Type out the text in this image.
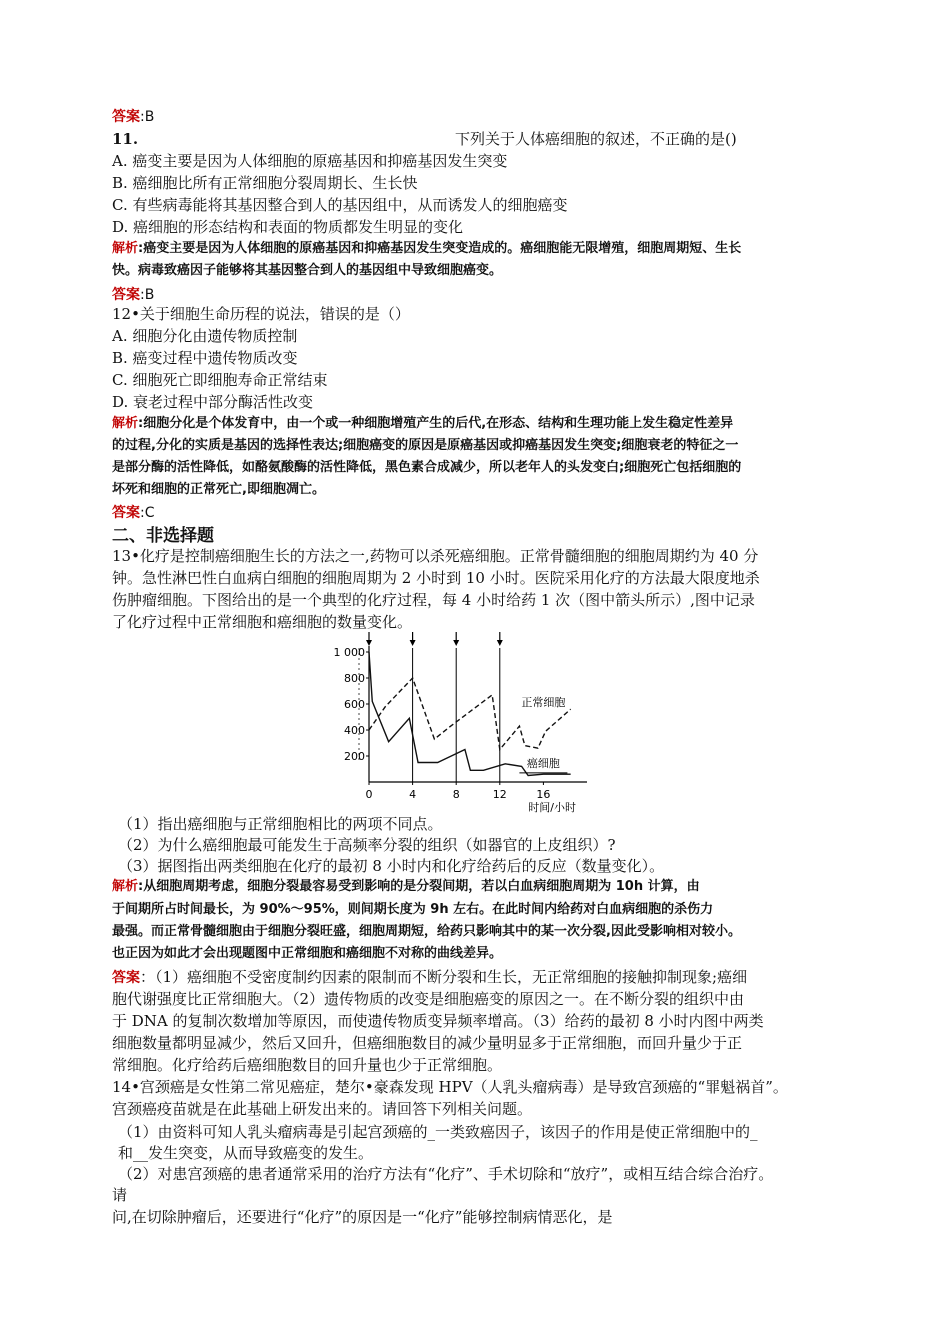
答案:B
11.	下列关于人体癌细胞的叙述，不正确的是()
A. 癌变主要是因为人体细胞的原癌基因和抑癌基因发生突变
B. 癌细胞比所有正常细胞分裂周期长、生长快
C. 有些病毒能将其基因整合到人的基因组中，从而诱发人的细胞癌变
D. 癌细胞的形态结构和表面的物质都发生明显的变化
解析:癌变主要是因为人体细胞的原癌基因和抑癌基因发生突变造成的。癌细胞能无限增殖，细胞周期短、生长
快。病毒致癌因子能够将其基因整合到人的基因组中导致细胞癌变。
答案:B
12•关于细胞生命历程的说法，错误的是（）
A. 细胞分化由遗传物质控制
B. 癌变过程中遗传物质改变
C. 细胞死亡即细胞寿命正常结束
D. 衰老过程中部分酶活性改变
解析:细胞分化是个体发育中，由一个或一种细胞增殖产生的后代,在形态、结构和生理功能上发生稳定性差异
的过程,分化的实质是基因的选择性表达;细胞癌变的原因是原癌基因或抑癌基因发生突变;细胞衰老的特征之一
是部分酶的活性降低，如酪氨酸酶的活性降低，黑色素合成减少，所以老年人的头发变白;细胞死亡包括细胞的
坏死和细胞的正常死亡,即细胞凋亡。
答案:C
二、非选择题
13•化疗是控制癌细胞生长的方法之一,药物可以杀死癌细胞。正常骨髓细胞的细胞周期约为 40 分
钟。急性淋巴性白血病白细胞的细胞周期为 2 小时到 10 小时。医院采用化疗的方法最大限度地杀
伤肿瘤细胞。下图给出的是一个典型的化疗过程，每 4 小时给药 1 次（图中箭头所示）,图中记录
了化疗过程中正常细胞和癌细胞的数量变化。
200
400
600
800
1 000
0	4	8	12	16
正常细胞
癌细胞
时间/小时
（1）指出癌细胞与正常细胞相比的两项不同点。
（2）为什么癌细胞最可能发生于高频率分裂的组织（如器官的上皮组织）?
（3）据图指出两类细胞在化疗的最初 8 小时内和化疗给药后的反应（数量变化）。
解析:从细胞周期考虑，细胞分裂最容易受到影响的是分裂间期，若以白血病细胞周期为 10h 计算，由
于间期所占时间最长，为 90%〜95%，则间期长度为 9h 左右。在此时间内给药对白血病细胞的杀伤力
最强。而正常骨髓细胞由于细胞分裂旺盛，细胞周期短，给药只影响其中的某一次分裂,因此受影响相对较小。
也正因为如此才会出现题图中正常细胞和癌细胞不对称的曲线差异。
答案：（1）癌细胞不受密度制约因素的限制而不断分裂和生长，无正常细胞的接触抑制现象;癌细
胞代谢强度比正常细胞大。（2）遗传物质的改变是细胞癌变的原因之一。在不断分裂的组织中由
于 DNA 的复制次数增加等原因，而使遗传物质变异频率增高。（3）给药的最初 8 小时内图中两类
细胞数量都明显减少，然后又回升，但癌细胞数目的减少量明显多于正常细胞，而回升量少于正
常细胞。化疗给药后癌细胞数目的回升量也少于正常细胞。
14•宫颈癌是女性第二常见癌症，楚尔•豪森发现 HPV（人乳头瘤病毒）是导致宫颈癌的“罪魁祸首”。
宫颈癌疫苗就是在此基础上研发出来的。请回答下列相关问题。
（1）由资料可知人乳头瘤病毒是引起宫颈癌的_一类致癌因子，该因子的作用是使正常细胞中的_
和__发生突变，从而导致癌变的发生。
（2）对患宫颈癌的患者通常采用的治疗方法有“化疗”、手术切除和“放疗”，或相互结合综合治疗。
请
问,在切除肿瘤后，还要进行“化疗”的原因是一“化疗”能够控制病情恶化，是
